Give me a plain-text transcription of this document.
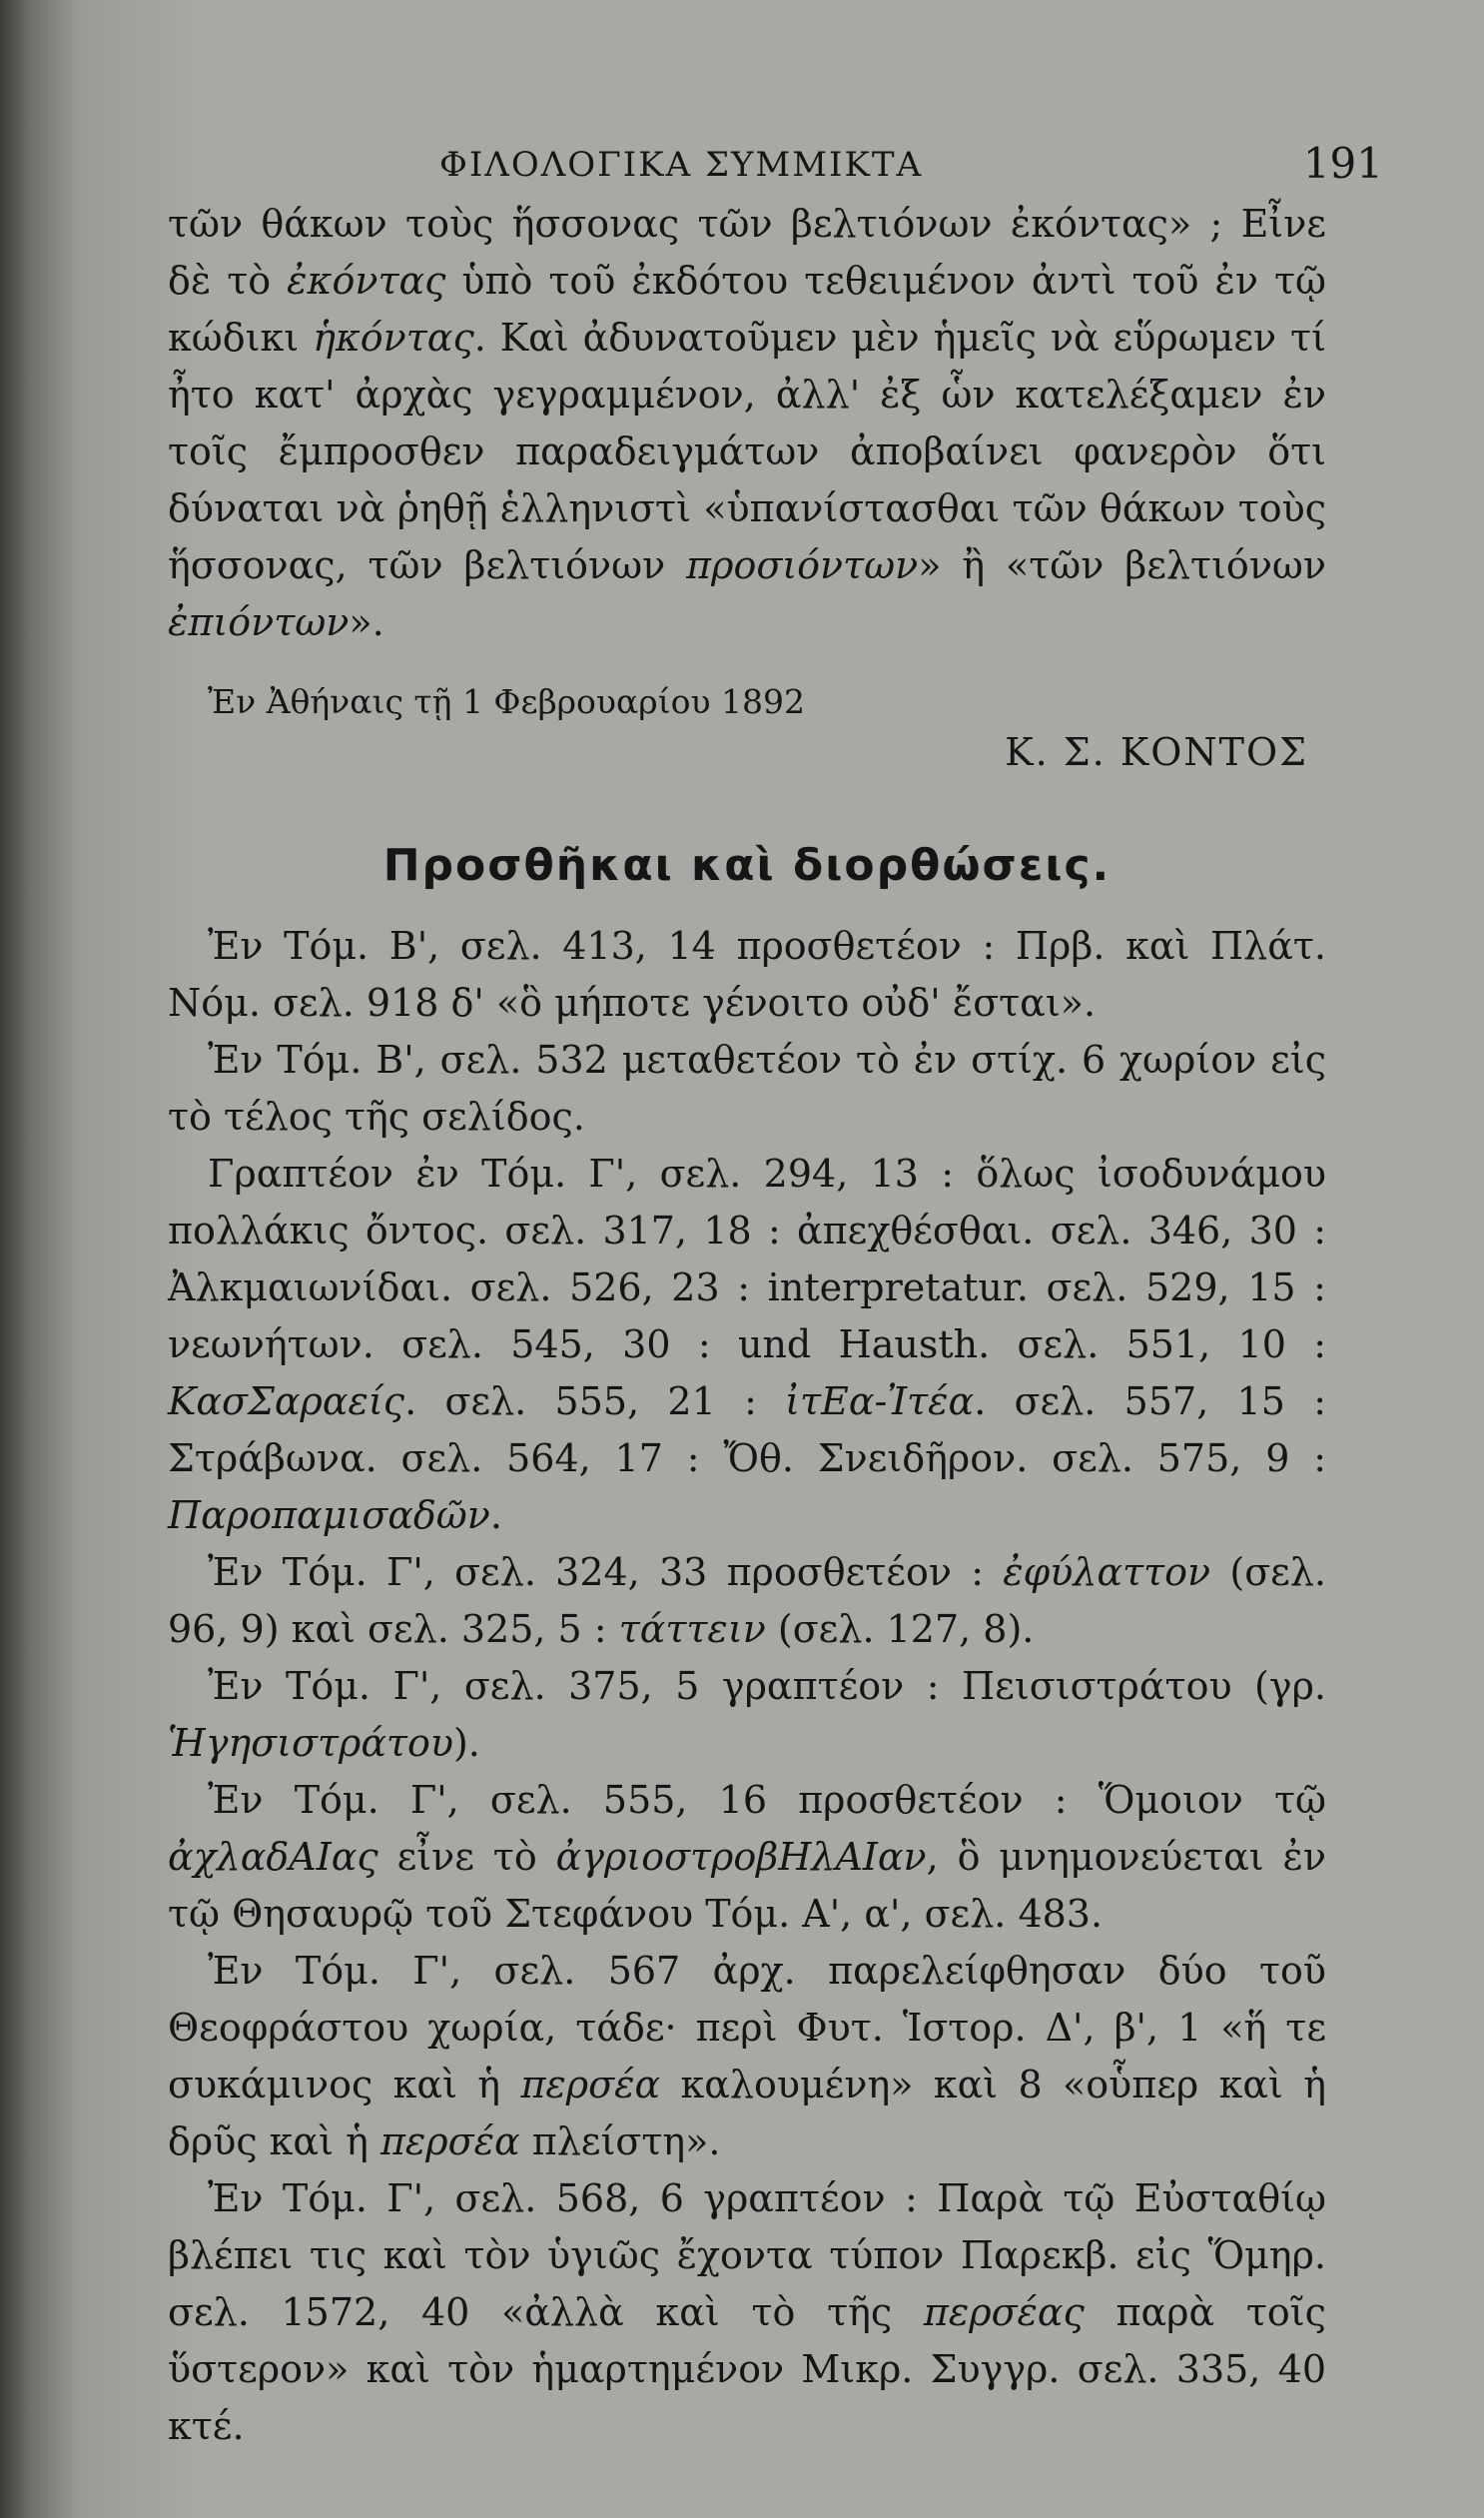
ΦΙΛΟΛΟΓΙΚΑ ΣΥΜΜΙΚΤΑ	191

τῶν θάκων τοὺς ἥσσονας τῶν βελτιόνων ἐκόντας» ; Εἶνε δὲ τὸ ἐκόντας ὑπὸ τοῦ ἐκδότου τεθειμένον ἀντὶ τοῦ ἐν τῷ κώδικι ἡκόντας. Καὶ ἀδυνατοῦμεν μὲν ἡμεῖς νὰ εὕρωμεν τί ἦτο κατ' ἀρχὰς γεγραμμένον, ἀλλ' ἐξ ὧν κατελέξαμεν ἐν τοῖς ἔμπροσθεν παραδειγμάτων ἀποβαίνει φανερὸν ὅτι δύναται νὰ ῥηθῇ ἑλληνιστὶ «ὑπανίστασθαι τῶν θάκων τοὺς ἥσσονας, τῶν βελτιόνων προσιόντων» ἢ «τῶν βελτιόνων ἐπιόντων».

Ἐν Ἀθήναις τῇ 1 Φεβρουαρίου 1892
Κ. Σ. ΚΟΝΤΟΣ
Προσθῆκαι καὶ διορθώσεις.

Ἐν Τόμ. Β', σελ. 413, 14 προσθετέον : Πρβ. καὶ Πλάτ. Νόμ. σελ. 918 δ' «ὃ μήποτε γένοιτο οὐδ' ἔσται».

Ἐν Τόμ. Β', σελ. 532 μεταθετέον τὸ ἐν στίχ. 6 χωρίον εἰς τὸ τέλος τῆς σελίδος.

Γραπτέον ἐν Τόμ. Γ', σελ. 294, 13 : ὅλως ἰσοδυνάμου πολλάκις ὄντος. σελ. 317, 18 : ἀπεχθέσθαι. σελ. 346, 30 : Ἀλκμαιωνίδαι. σελ. 526, 23 : interpretatur. σελ. 529, 15 : νεωνήτων. σελ. 545, 30 : und Hausth. σελ. 551, 10 : ΚασΣαραείς. σελ. 555, 21 : ἰτΕα-Ἰτέα. σελ. 557, 15 : Στράβωνα. σελ. 564, 17 : Ὄθ. Σνειδῆρον. σελ. 575, 9 : Παροπαμισαδῶν.

Ἐν Τόμ. Γ', σελ. 324, 33 προσθετέον : ἐφύλαττον (σελ. 96, 9) καὶ σελ. 325, 5 : τάττειν (σελ. 127, 8).

Ἐν Τόμ. Γ', σελ. 375, 5 γραπτέον : Πεισιστράτου (γρ. Ἡγησιστράτου).

Ἐν Τόμ. Γ', σελ. 555, 16 προσθετέον : Ὅμοιον τῷ ἀχλαδΑΙας εἶνε τὸ ἀγριοστροβΗλΑΙαν, ὃ μνημονεύεται ἐν τῷ Θησαυρῷ τοῦ Στεφάνου Τόμ. Α', α', σελ. 483.

Ἐν Τόμ. Γ', σελ. 567 ἀρχ. παρελείφθησαν δύο τοῦ Θεοφράστου χωρία, τάδε· περὶ Φυτ. Ἱστορ. Δ', β', 1 «ἥ τε συκάμινος καὶ ἡ περσέα καλουμένη» καὶ 8 «οὗπερ καὶ ἡ δρῦς καὶ ἡ περσέα πλείστη».

Ἐν Τόμ. Γ', σελ. 568, 6 γραπτέον : Παρὰ τῷ Εὐσταθίῳ βλέπει τις καὶ τὸν ὑγιῶς ἔχοντα τύπον Παρεκβ. εἰς Ὅμηρ. σελ. 1572, 40 «ἀλλὰ καὶ τὸ τῆς περσέας παρὰ τοῖς ὕστερον» καὶ τὸν ἡμαρτημένον Μικρ. Συγγρ. σελ. 335, 40 κτέ.
